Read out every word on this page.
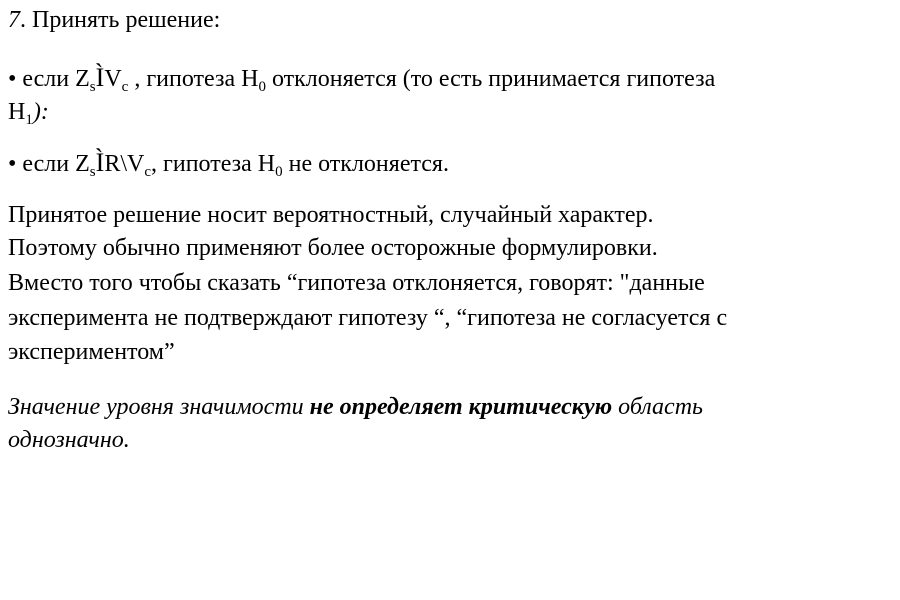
7. Принять решение:
• если $Z_sÌV_c$ , гипотеза $H_0$ отклоняется (то есть принимается гипотеза
$H_1$):
• если $Z_sÌR\backslash V_c$, гипотеза $H_0$ не отклоняется.
Принятое решение носит вероятностный, случайный характер.
Поэтому обычно применяют более осторожные формулировки.
Вместо того чтобы сказать “гипотеза отклоняется, говорят: "данные
эксперимента не подтверждают гипотезу “, “гипотеза не согласуется с
экспериментом”
Значение уровня значимости не определяет критическую область
однозначно.
